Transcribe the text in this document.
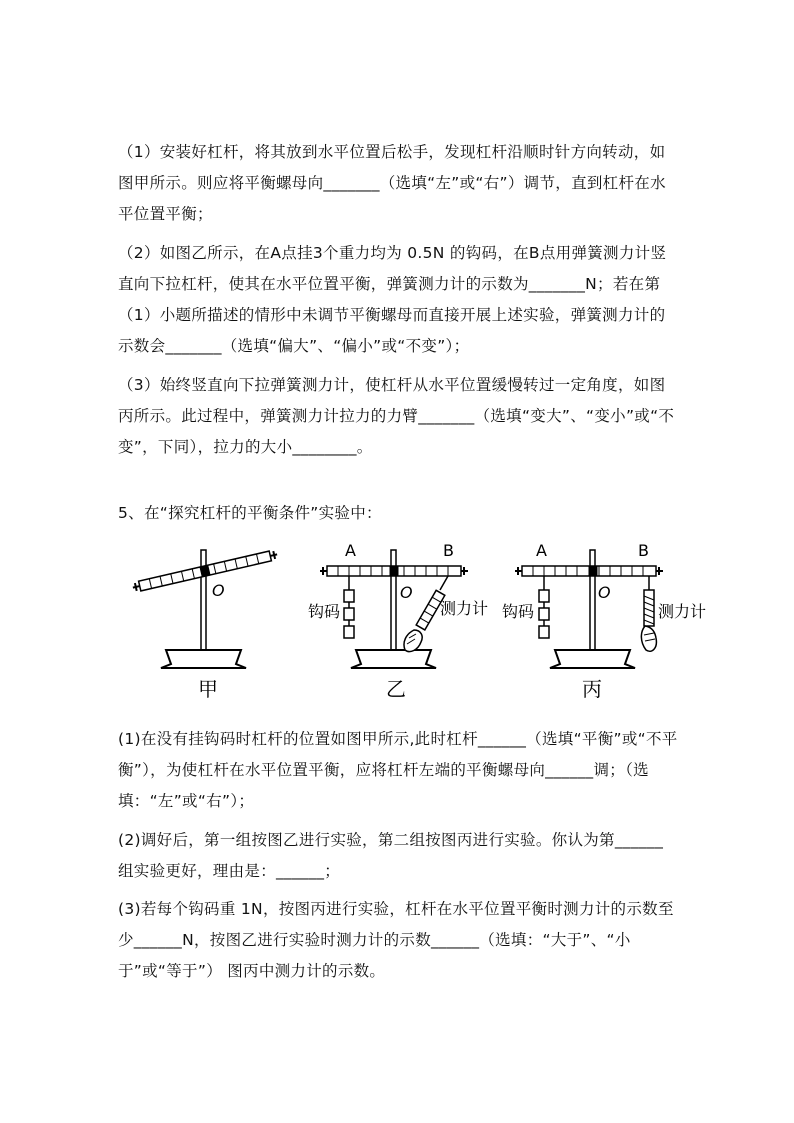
（1）安装好杠杆，将其放到水平位置后松手，发现杠杆沿顺时针方向转动，如图甲所示。则应将平衡螺母向_______（选填“左”或“右”）调节，直到杠杆在水平位置平衡；
（2）如图乙所示，在A点挂3个重力均为 0.5N 的钩码，在B点用弹簧测力计竖直向下拉杠杆，使其在水平位置平衡，弹簧测力计的示数为_______N；若在第（1）小题所描述的情形中未调节平衡螺母而直接开展上述实验，弹簧测力计的示数会_______（选填“偏大”、“偏小”或“不变”）；
（3）始终竖直向下拉弹簧测力计，使杠杆从水平位置缓慢转过一定角度，如图丙所示。此过程中，弹簧测力计拉力的力臂_______（选填“变大”、“变小”或“不变”，下同），拉力的大小________。
5、在“探究杠杆的平衡条件”实验中：
O
甲
A	B
O
钩码	测力计
乙
A	B
O
钩码	测力计
丙
(1)在没有挂钩码时杠杆的位置如图甲所示,此时杠杆______（选填“平衡”或“不平衡”），为使杠杆在水平位置平衡，应将杠杆左端的平衡螺母向______调；（选填：“左”或“右”）；
(2)调好后，第一组按图乙进行实验，第二组按图丙进行实验。你认为第______组实验更好，理由是：______；
(3)若每个钩码重 1N，按图丙进行实验，杠杆在水平位置平衡时测力计的示数至少______N，按图乙进行实验时测力计的示数______（选填：“大于”、“小于”或“等于”） 图丙中测力计的示数。
